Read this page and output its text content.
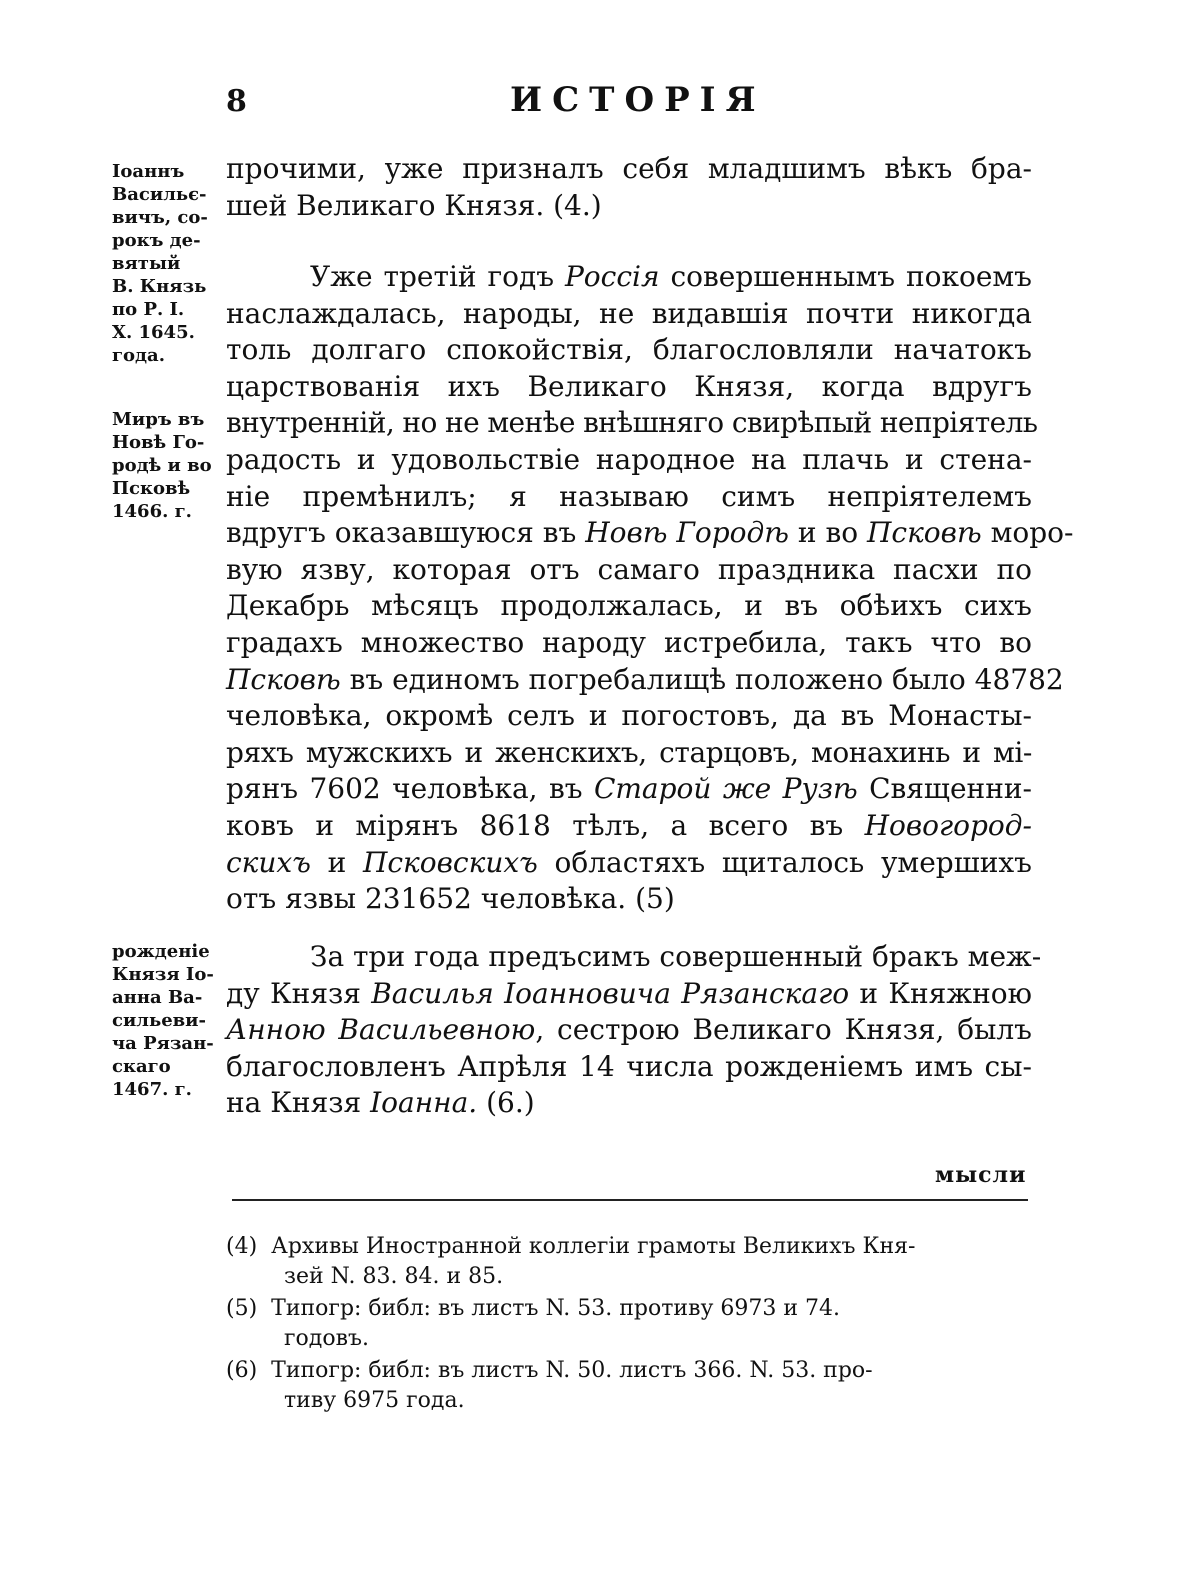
8	ИСТОРІЯ
Іоаннъ
Васильє-
вичъ, со-
рокъ де-
вятый
В. Князь
по Р. І.
Х. 1645.
года.
Миръ въ
Новѣ Го-
родѣ и во
Псковѣ
1466. г.
рожденіе
Князя Іо-
анна Ва-
сильеви-
ча Рязан-
скаго
1467. г.
прочими, уже призналъ себя младшимъ вѣкъ бра-
шей Великаго Князя. (4.)
Уже третій годъ Россія совершеннымъ покоемъ
наслаждалась, народы, не видавшія почти никогда
толь долгаго спокойствія, благословляли начатокъ
царствованія ихъ Великаго Князя, когда вдругъ
внутренній, но не менѣе внѣшняго свирѣпый непріятель
радость и удовольствіе народное на плачь и стена-
ніе премѣнилъ; я называю симъ непріятелемъ
вдругъ оказавшуюся въ Новѣ Городѣ и во Псковѣ моро-
вую язву, которая отъ самаго праздника пасхи по
Декабрь мѣсяцъ продолжалась, и въ обѣихъ сихъ
градахъ множество народу истребила, такъ что во
Псковѣ въ единомъ погребалищѣ положено было 48782
человѣка, окромѣ селъ и погостовъ, да въ Монасты-
ряхъ мужскихъ и женскихъ, старцовъ, монахинь и мі-
рянъ 7602 человѣка, въ Старой же Рузѣ Священни-
ковъ и мірянъ 8618 тѣлъ, а всего въ Новогород-
скихъ и Псковскихъ областяхъ щиталось умершихъ
отъ язвы 231652 человѣка. (5)
За три года предъсимъ совершенный бракъ меж-
ду Князя Василья Іоанновича Рязанскаго и Княжною
Анною Васильевною, сестрою Великаго Князя, былъ
благословленъ Апрѣля 14 числа рожденіемъ имъ сы-
на Князя Іоанна. (6.)
мысли
(4) Архивы Иностранной коллегіи грамоты Великихъ Кня-
зей N. 83. 84. и 85.
(5) Типогр: библ: въ листъ N. 53. противу 6973 и 74.
годовъ.
(6) Типогр: библ: въ листъ N. 50. листъ 366. N. 53. про-
тиву 6975 года.
